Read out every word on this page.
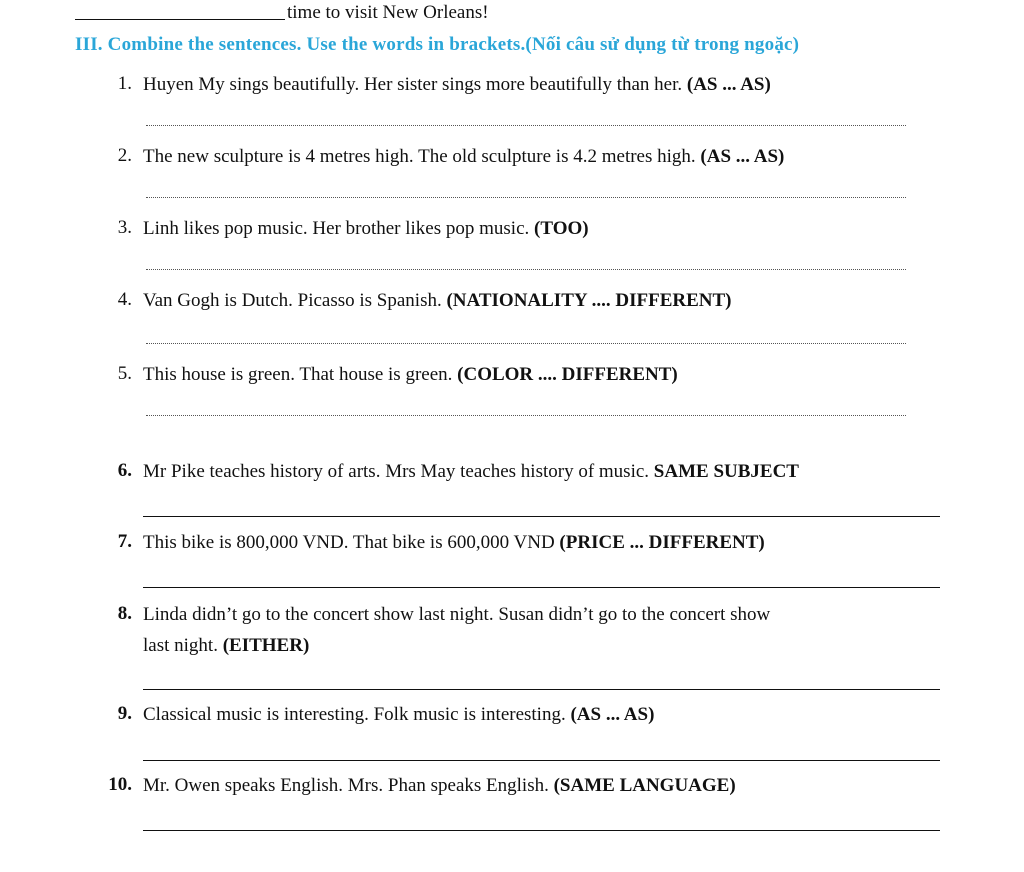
time to visit New Orleans!
III. Combine the sentences. Use the words in brackets.(Nối câu sử dụng từ trong ngoặc)
1. Huyen My sings beautifully. Her sister sings more beautifully than her. (AS ... AS)
2. The new sculpture is 4 metres high. The old sculpture is 4.2 metres high. (AS ... AS)
3. Linh likes pop music. Her brother likes pop music. (TOO)
4. Van Gogh is Dutch. Picasso is Spanish. (NATIONALITY .... DIFFERENT)
5. This house is green. That house is green. (COLOR .... DIFFERENT)
6. Mr Pike teaches history of arts. Mrs May teaches history of music. SAME SUBJECT
7. This bike is 800,000 VND. That bike is 600,000 VND (PRICE ... DIFFERENT)
8. Linda didn’t go to the concert show last night. Susan didn’t go to the concert show
last night. (EITHER)
9. Classical music is interesting. Folk music is interesting. (AS ... AS)
10. Mr. Owen speaks English. Mrs. Phan speaks English. (SAME LANGUAGE)
